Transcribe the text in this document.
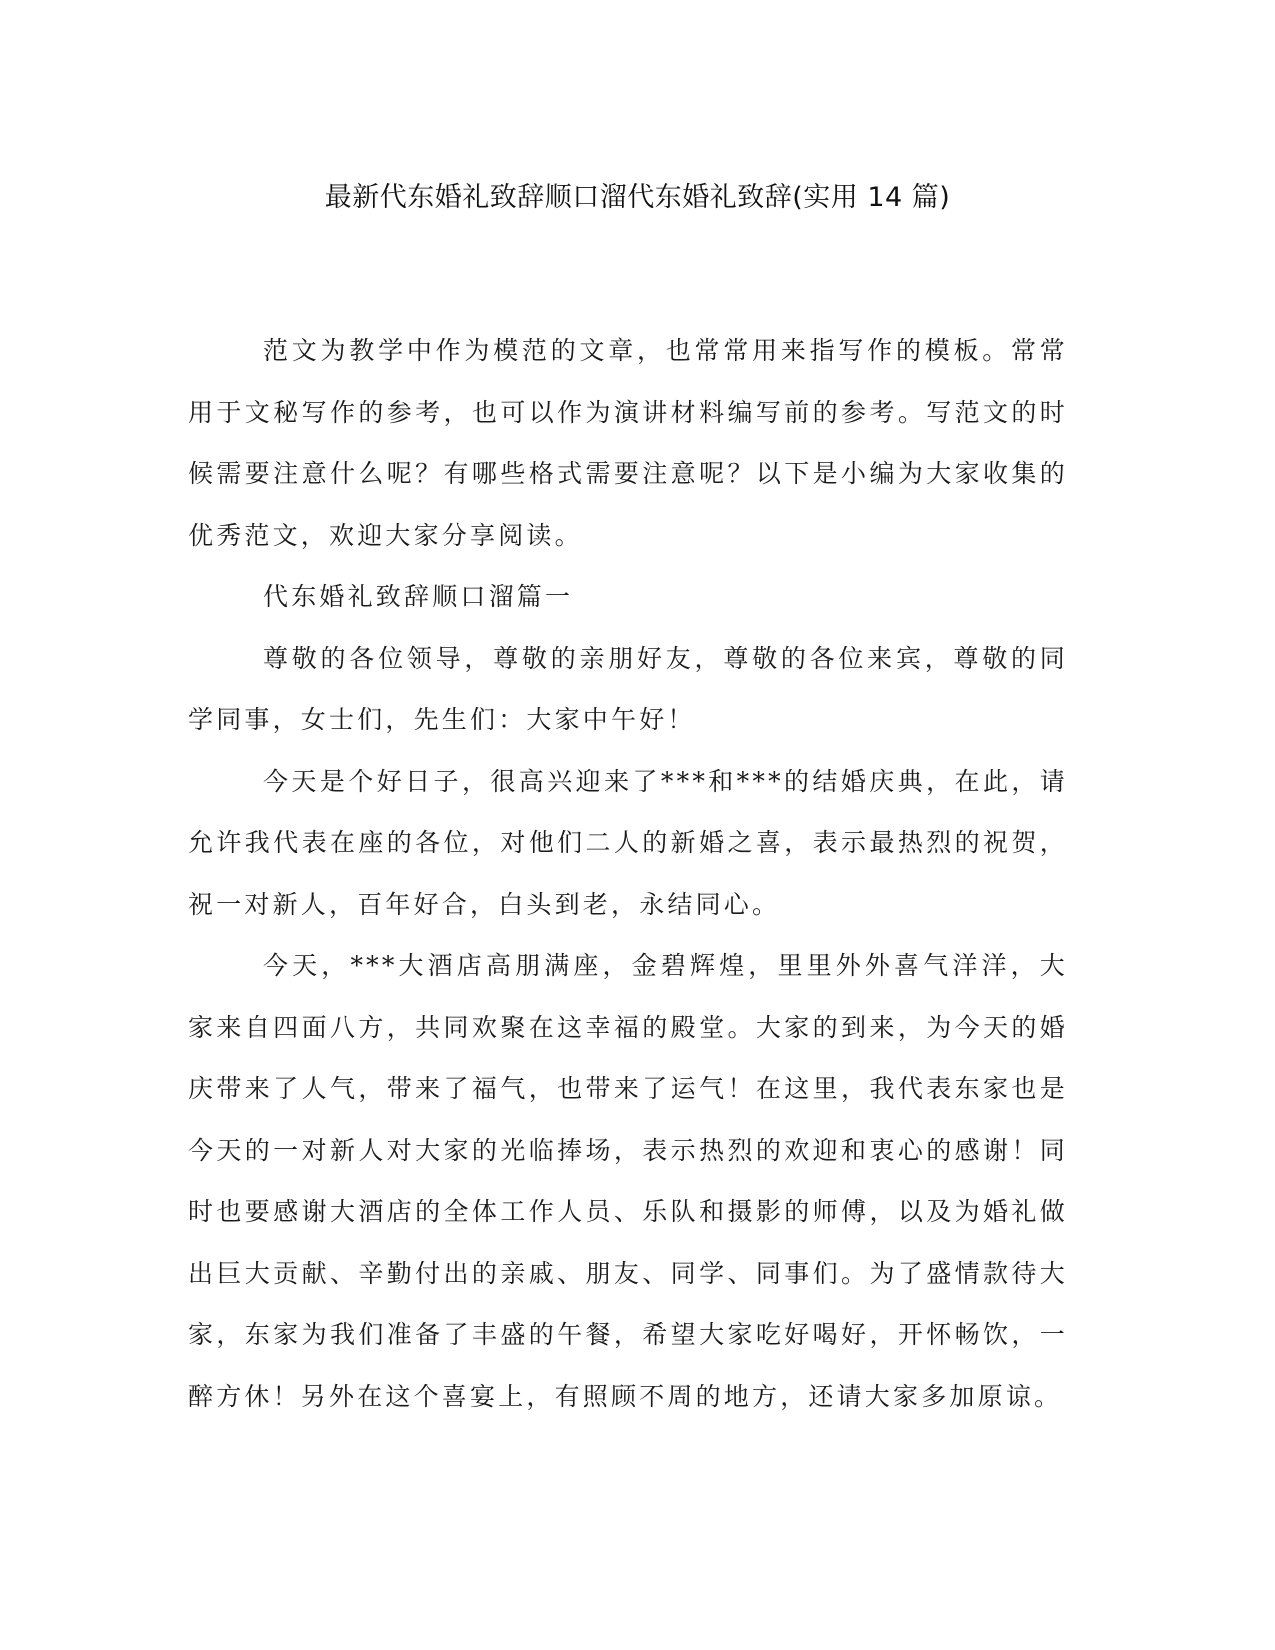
最新代东婚礼致辞顺口溜代东婚礼致辞(实用 14 篇)

范文为教学中作为模范的文章，也常常用来指写作的模板。常常用于文秘写作的参考，也可以作为演讲材料编写前的参考。写范文的时候需要注意什么呢？有哪些格式需要注意呢？以下是小编为大家收集的优秀范文，欢迎大家分享阅读。

代东婚礼致辞顺口溜篇一

尊敬的各位领导，尊敬的亲朋好友，尊敬的各位来宾，尊敬的同学同事，女士们，先生们：大家中午好！

今天是个好日子，很高兴迎来了***和***的结婚庆典，在此，请允许我代表在座的各位，对他们二人的新婚之喜，表示最热烈的祝贺，祝一对新人，百年好合，白头到老，永结同心。

今天，***大酒店高朋满座，金碧辉煌，里里外外喜气洋洋，大家来自四面八方，共同欢聚在这幸福的殿堂。大家的到来，为今天的婚庆带来了人气，带来了福气，也带来了运气！在这里，我代表东家也是今天的一对新人对大家的光临捧场，表示热烈的欢迎和衷心的感谢！同时也要感谢大酒店的全体工作人员、乐队和摄影的师傅，以及为婚礼做出巨大贡献、辛勤付出的亲戚、朋友、同学、同事们。为了盛情款待大家，东家为我们准备了丰盛的午餐，希望大家吃好喝好，开怀畅饮，一醉方休！另外在这个喜宴上，有照顾不周的地方，还请大家多加原谅。
